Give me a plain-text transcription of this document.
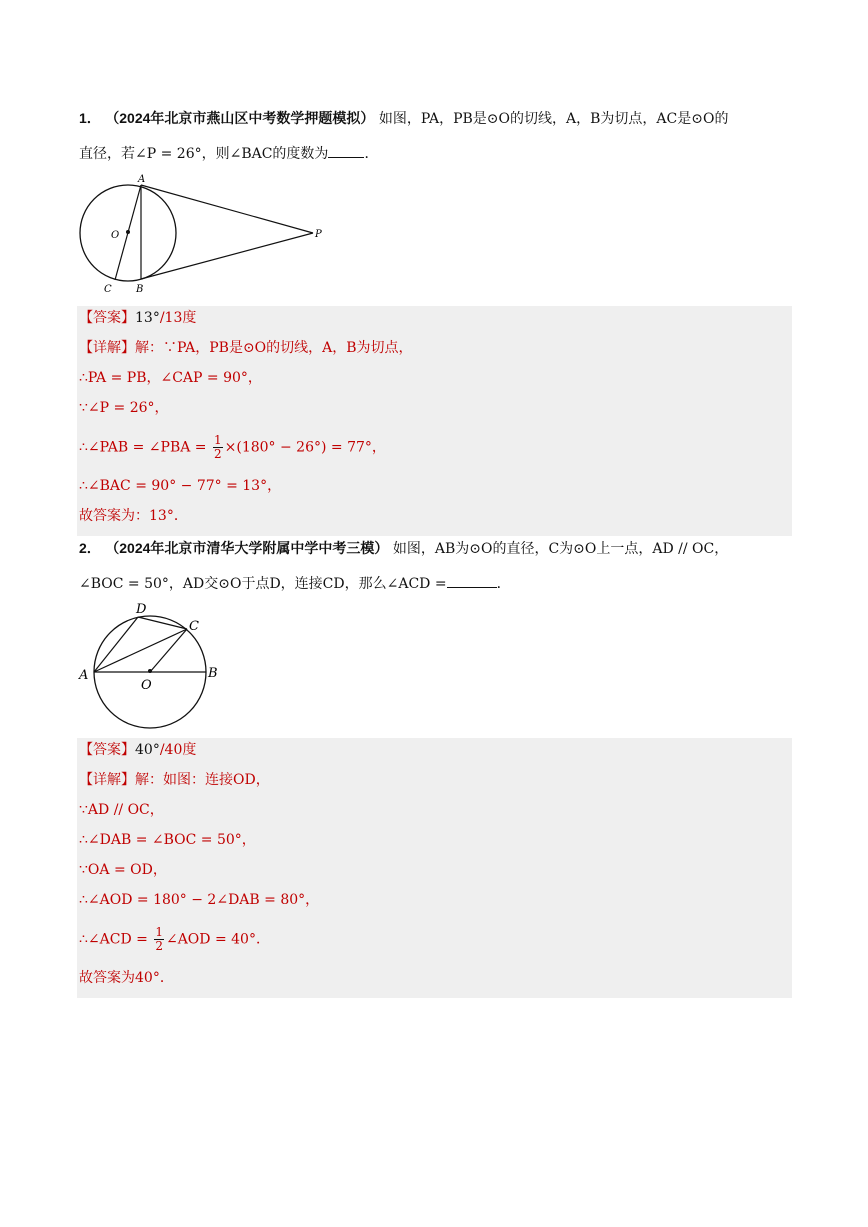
1． （2024年北京市燕山区中考数学押题模拟） 如图，PA，PB是⊙O的切线，A，B为切点，AC是⊙O的
直径，若∠P = 26°，则∠BAC的度数为	．
A
O	P
C B
【答案】13°/13度
【详解】解：∵PA，PB是⊙O的切线，A，B为切点，
∴PA = PB，∠CAP = 90°，
∵∠P = 26°，
∴∠PAB = ∠PBA = $\frac{1}{2} \times(180^\circ - 26^\circ) = 77^\circ$，
∴∠BAC = 90° − 77° = 13°，
故答案为：13°．
2． （2024年北京市清华大学附属中学中考三模） 如图，AB为⊙O的直径，C为⊙O上一点，AD // OC，
∠BOC = 50°，AD交⊙O于点D，连接CD，那么∠ACD =	．
D
C
A
O
B
【答案】40°/40度
【详解】解：如图：连接OD，
∵AD // OC，
∴∠DAB = ∠BOC = 50°，
∵OA = OD，
∴∠AOD = 180° − 2∠DAB = 80°，
∴∠ACD = $\frac{1}{2}$ ∠AOD = 40°．
故答案为40°．
